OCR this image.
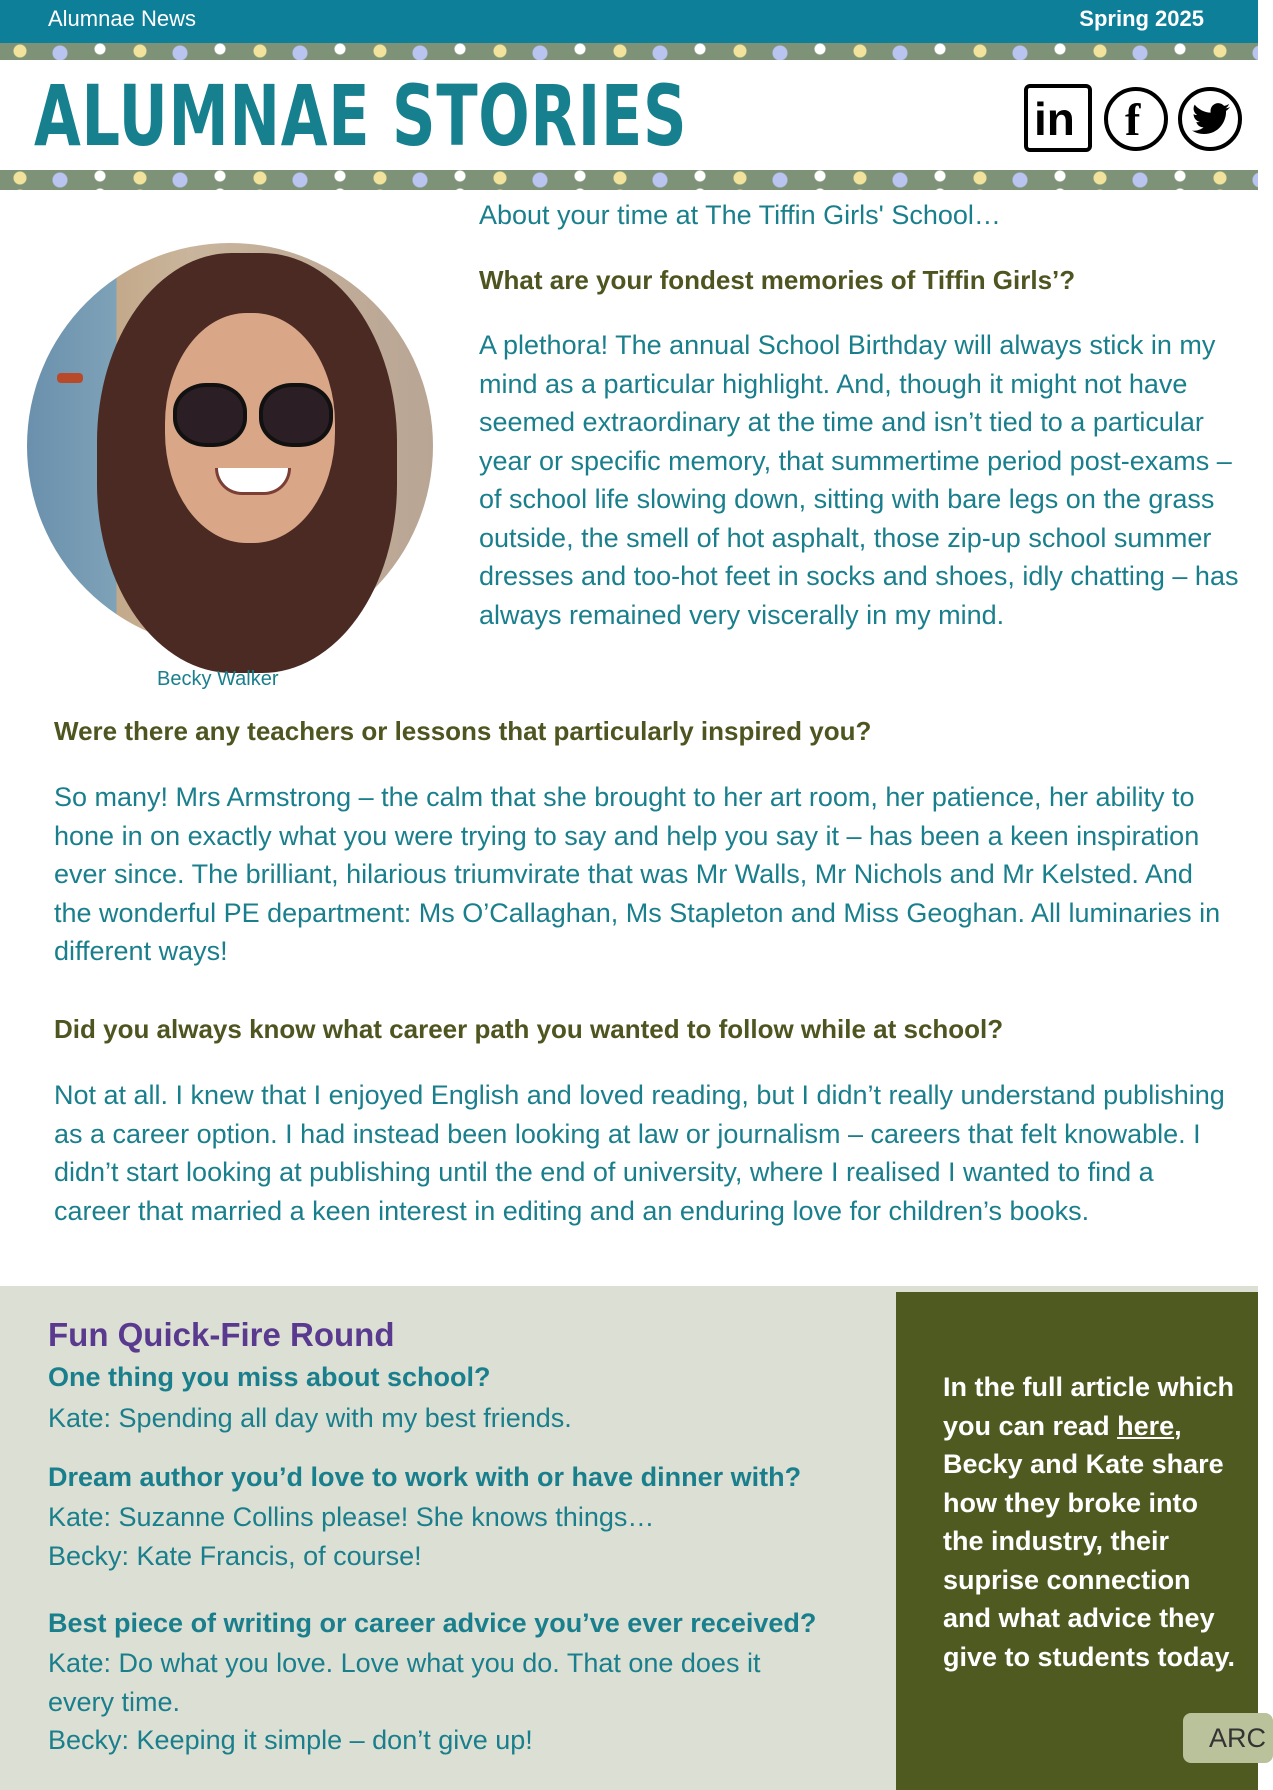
Alumnae News	Spring 2025
ALUMNAE STORIES	in f
Becky Walker

About your time at The Tiffin Girls' School…

What are your fondest memories of Tiffin Girls’?

A plethora! The annual School Birthday will always stick in my mind as a particular highlight. And, though it might not have seemed extraordinary at the time and isn’t tied to a particular year or specific memory, that summertime period post-exams – of school life slowing down, sitting with bare legs on the grass outside, the smell of hot asphalt, those zip-up school summer dresses and too-hot feet in socks and shoes, idly chatting – has always remained very viscerally in my mind.

Were there any teachers or lessons that particularly inspired you?

So many! Mrs Armstrong – the calm that she brought to her art room, her patience, her ability to hone in on exactly what you were trying to say and help you say it – has been a keen inspiration ever since. The brilliant, hilarious triumvirate that was Mr Walls, Mr Nichols and Mr Kelsted. And the wonderful PE department: Ms O’Callaghan, Ms Stapleton and Miss Geoghan. All luminaries in different ways!

Did you always know what career path you wanted to follow while at school?

Not at all. I knew that I enjoyed English and loved reading, but I didn’t really understand publishing as a career option. I had instead been looking at law or journalism – careers that felt knowable. I didn’t start looking at publishing until the end of university, where I realised I wanted to find a career that married a keen interest in editing and an enduring love for children’s books.

Fun Quick-Fire Round
One thing you miss about school?
Kate: Spending all day with my best friends.
Dream author you’d love to work with or have dinner with?
Kate: Suzanne Collins please! She knows things…
Becky: Kate Francis, of course!
Best piece of writing or career advice you’ve ever received?
Kate: Do what you love. Love what you do. That one does it every time.
Becky: Keeping it simple – don’t give up!
In the full article which you can read here, Becky and Kate share how they broke into the industry, their suprise connection and what advice they give to students today.
ARC
